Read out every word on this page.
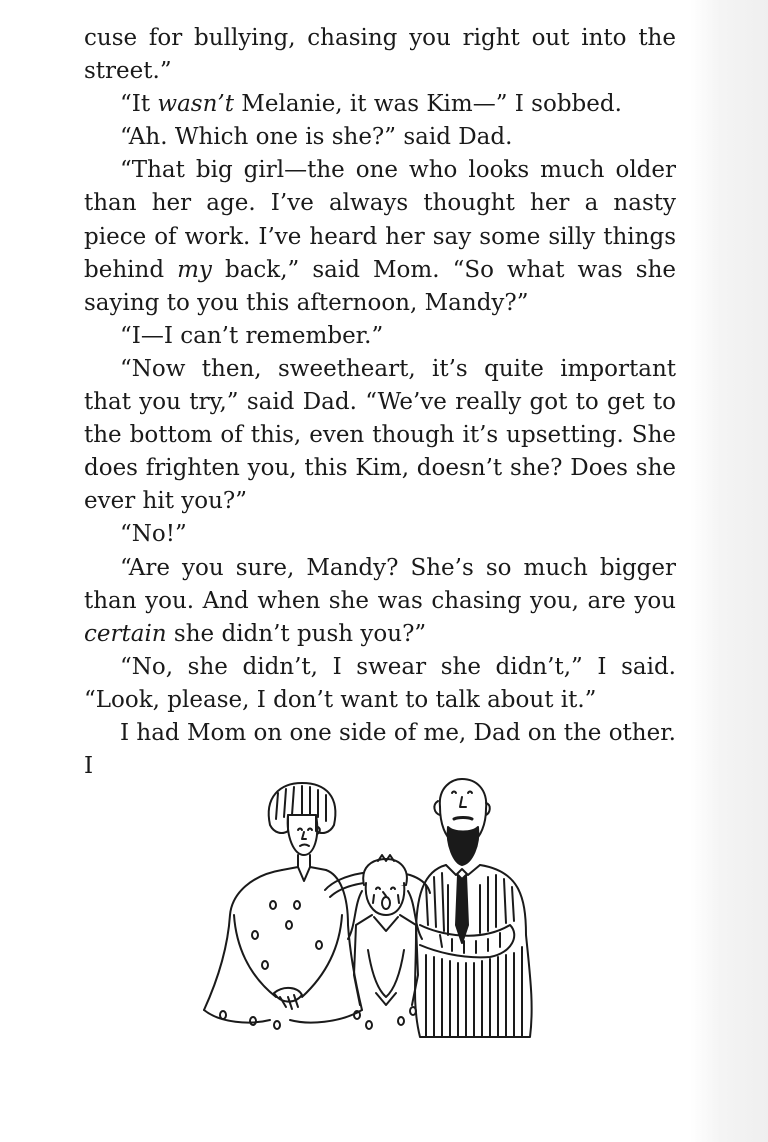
cuse for bullying, chasing you right out into the street.”

“It wasn’t Melanie, it was Kim—” I sobbed.

“Ah. Which one is she?” said Dad.

“That big girl—the one who looks much older than her age. I’ve always thought her a nasty piece of work. I’ve heard her say some silly things behind my back,” said Mom. “So what was she saying to you this afternoon, Mandy?”

“I—I can’t remember.”

“Now then, sweetheart, it’s quite important that you try,” said Dad. “We’ve really got to get to the bottom of this, even though it’s upsetting. She does frighten you, this Kim, doesn’t she? Does she ever hit you?”

“No!”

“Are you sure, Mandy? She’s so much bigger than you. And when she was chasing you, are you certain she didn’t push you?”

“No, she didn’t, I swear she didn’t,” I said. “Look, please, I don’t want to talk about it.”

I had Mom on one side of me, Dad on the other. I
